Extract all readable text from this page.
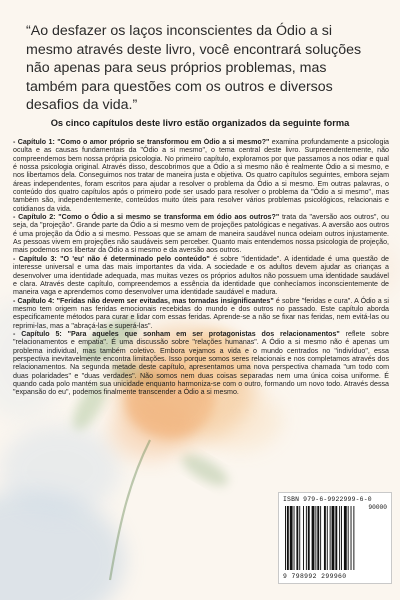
“Ao desfazer os laços inconscientes da Ódio a si mesmo através deste livro, você encontrará soluções não apenas para seus próprios problemas, mas também para questões com os outros e diversos desafios da vida.”
Os cinco capítulos deste livro estão organizados da seguinte forma

- Capítulo 1: "Como o amor próprio se transformou em Ódio a si mesmo?" examina profundamente a psicologia oculta e as causas fundamentais da "Ódio a si mesmo", o tema central deste livro. Surpreendentemente, não compreendemos bem nossa própria psicologia. No primeiro capítulo, exploramos por que passamos a nos odiar e qual é nossa psicologia original. Através disso, descobrimos que a Ódio a si mesmo não é realmente Ódio a si mesmo, e nos libertamos dela. Conseguimos nos tratar de maneira justa e objetiva. Os quatro capítulos seguintes, embora sejam áreas independentes, foram escritos para ajudar a resolver o problema da Ódio a si mesmo. Em outras palavras, o conteúdo dos quatro capítulos após o primeiro pode ser usado para resolver o problema da "Ódio a si mesmo", mas também são, independentemente, conteúdos muito úteis para resolver vários problemas psicológicos, relacionais e cotidianos da vida.

- Capítulo 2: "Como o Ódio a si mesmo se transforma em ódio aos outros?" trata da "aversão aos outros", ou seja, da "projeção". Grande parte da Ódio a si mesmo vem de projeções patológicas e negativas. A aversão aos outros é uma projeção da Ódio a si mesmo. Pessoas que se amam de maneira saudável nunca odeiam outros injustamente. As pessoas vivem em projeções não saudáveis sem perceber. Quanto mais entendemos nossa psicologia de projeção, mais podemos nos libertar da Ódio a si mesmo e da aversão aos outros.

- Capítulo 3: "O 'eu' não é determinado pelo conteúdo" é sobre "identidade". A identidade é uma questão de interesse universal e uma das mais importantes da vida. A sociedade e os adultos devem ajudar as crianças a desenvolver uma identidade adequada, mas muitas vezes os próprios adultos não possuem uma identidade saudável e clara. Através deste capítulo, compreendemos a essência da identidade que conhecíamos inconscientemente de maneira vaga e aprendemos como desenvolver uma identidade saudável e madura.

- Capítulo 4: "Feridas não devem ser evitadas, mas tornadas insignificantes" é sobre "feridas e cura". A Ódio a si mesmo tem origem nas feridas emocionais recebidas do mundo e dos outros no passado. Este capítulo aborda especificamente métodos para curar e lidar com essas feridas. Aprende-se a não se fixar nas feridas, nem evitá-las ou reprimi-las, mas a "abraçá-las e superá-las".

- Capítulo 5: "Para aqueles que sonham em ser protagonistas dos relacionamentos" reflete sobre "relacionamentos e empatia". É uma discussão sobre "relações humanas". A Ódio a si mesmo não é apenas um problema individual, mas também coletivo. Embora vejamos a vida e o mundo centrados no "indivíduo", essa perspectiva inevitavelmente encontra limitações. Isso porque somos seres relacionais e nos completamos através dos relacionamentos. Na segunda metade deste capítulo, apresentamos uma nova perspectiva chamada "um todo com duas polaridades" e "duas verdades". Não somos nem duas coisas separadas nem uma única coisa uniforme. É quando cada polo mantém sua unicidade enquanto harmoniza-se com o outro, formando um novo todo. Através dessa "expansão do eu", podemos finalmente transcender a Ódio a si mesmo.

ISBN 979-6-9922999-6-0
90000
9 798992 299960
